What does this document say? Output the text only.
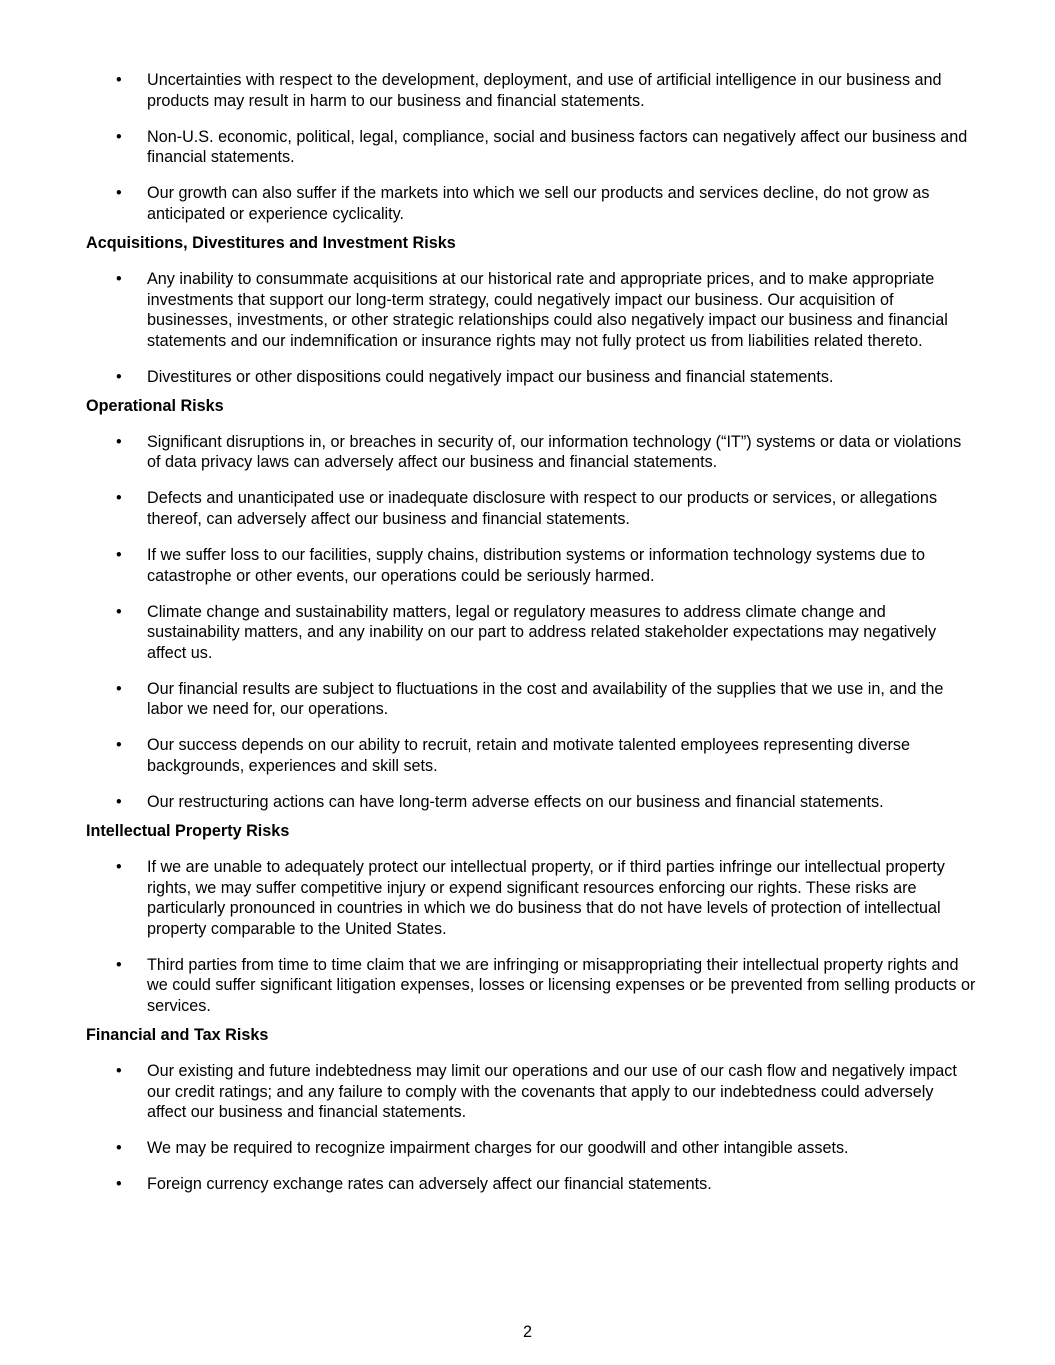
• Uncertainties with respect to the development, deployment, and use of artificial intelligence in our business and products may result in harm to our business and financial statements.
• Non-U.S. economic, political, legal, compliance, social and business factors can negatively affect our business and financial statements.
• Our growth can also suffer if the markets into which we sell our products and services decline, do not grow as anticipated or experience cyclicality.
Acquisitions, Divestitures and Investment Risks
• Any inability to consummate acquisitions at our historical rate and appropriate prices, and to make appropriate investments that support our long-term strategy, could negatively impact our business. Our acquisition of businesses, investments, or other strategic relationships could also negatively impact our business and financial statements and our indemnification or insurance rights may not fully protect us from liabilities related thereto.
• Divestitures or other dispositions could negatively impact our business and financial statements.
Operational Risks
• Significant disruptions in, or breaches in security of, our information technology (“IT”) systems or data or violations of data privacy laws can adversely affect our business and financial statements.
• Defects and unanticipated use or inadequate disclosure with respect to our products or services, or allegations thereof, can adversely affect our business and financial statements.
• If we suffer loss to our facilities, supply chains, distribution systems or information technology systems due to catastrophe or other events, our operations could be seriously harmed.
• Climate change and sustainability matters, legal or regulatory measures to address climate change and sustainability matters, and any inability on our part to address related stakeholder expectations may negatively affect us.
• Our financial results are subject to fluctuations in the cost and availability of the supplies that we use in, and the labor we need for, our operations.
• Our success depends on our ability to recruit, retain and motivate talented employees representing diverse backgrounds, experiences and skill sets.
• Our restructuring actions can have long-term adverse effects on our business and financial statements.
Intellectual Property Risks
• If we are unable to adequately protect our intellectual property, or if third parties infringe our intellectual property rights, we may suffer competitive injury or expend significant resources enforcing our rights. These risks are particularly pronounced in countries in which we do business that do not have levels of protection of intellectual property comparable to the United States.
• Third parties from time to time claim that we are infringing or misappropriating their intellectual property rights and we could suffer significant litigation expenses, losses or licensing expenses or be prevented from selling products or services.
Financial and Tax Risks
• Our existing and future indebtedness may limit our operations and our use of our cash flow and negatively impact our credit ratings; and any failure to comply with the covenants that apply to our indebtedness could adversely affect our business and financial statements.
• We may be required to recognize impairment charges for our goodwill and other intangible assets.
• Foreign currency exchange rates can adversely affect our financial statements.
2
